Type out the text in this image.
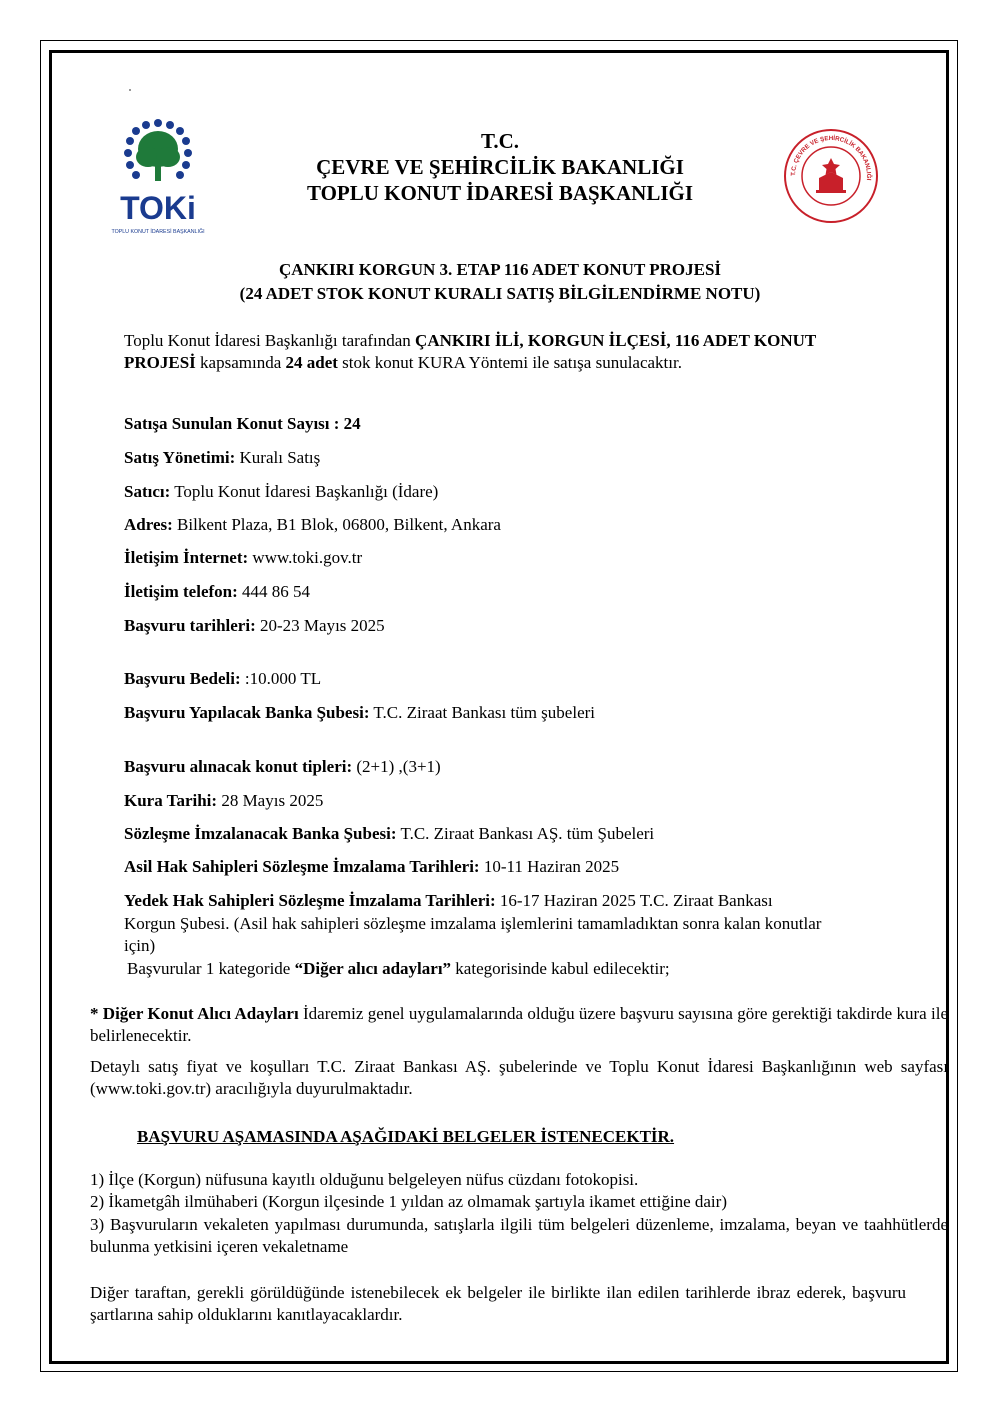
TOKi
TOPLU KONUT İDARESİ BAŞKANLIĞI
T.C. ÇEVRE VE ŞEHİRCİLİK BAKANLIĞI
T.C.
ÇEVRE VE ŞEHİRCİLİK BAKANLIĞI
TOPLU KONUT İDARESİ BAŞKANLIĞI
ÇANKIRI KORGUN 3. ETAP 116 ADET KONUT PROJESİ
(24 ADET STOK KONUT KURALI SATIŞ BİLGİLENDİRME NOTU)
Toplu Konut İdaresi Başkanlığı tarafından ÇANKIRI İLİ, KORGUN İLÇESİ, 116 ADET KONUT
PROJESİ kapsamında 24 adet stok konut KURA Yöntemi ile satışa sunulacaktır.
Satışa Sunulan Konut Sayısı : 24
Satış Yönetimi: Kuralı Satış
Satıcı: Toplu Konut İdaresi Başkanlığı (İdare)
Adres: Bilkent Plaza, B1 Blok, 06800, Bilkent, Ankara
İletişim İnternet: www.toki.gov.tr
İletişim telefon: 444 86 54
Başvuru tarihleri: 20-23 Mayıs 2025
Başvuru Bedeli: :10.000 TL
Başvuru Yapılacak Banka Şubesi: T.C. Ziraat Bankası tüm şubeleri
Başvuru alınacak konut tipleri: (2+1) ,(3+1)
Kura Tarihi: 28 Mayıs 2025
Sözleşme İmzalanacak Banka Şubesi: T.C. Ziraat Bankası AŞ. tüm Şubeleri
Asil Hak Sahipleri Sözleşme İmzalama Tarihleri: 10-11 Haziran 2025
Yedek Hak Sahipleri Sözleşme İmzalama Tarihleri: 16-17 Haziran 2025 T.C. Ziraat Bankası
Korgun Şubesi. (Asil hak sahipleri sözleşme imzalama işlemlerini tamamladıktan sonra kalan konutlar
için)
Başvurular 1 kategoride “Diğer alıcı adayları” kategorisinde kabul edilecektir;
* Diğer Konut Alıcı Adayları İdaremiz genel uygulamalarında olduğu üzere başvuru sayısına göre gerektiği takdirde kura ile belirlenecektir.
Detaylı satış fiyat ve koşulları T.C. Ziraat Bankası AŞ. şubelerinde ve Toplu Konut İdaresi Başkanlığının web sayfası (www.toki.gov.tr) aracılığıyla duyurulmaktadır.
BAŞVURU AŞAMASINDA AŞAĞIDAKİ BELGELER İSTENECEKTİR.
1) İlçe (Korgun) nüfusuna kayıtlı olduğunu belgeleyen nüfus cüzdanı fotokopisi.
2) İkametgâh ilmühaberi (Korgun ilçesinde 1 yıldan az olmamak şartıyla ikamet ettiğine dair)
3) Başvuruların vekaleten yapılması durumunda, satışlarla ilgili tüm belgeleri düzenleme, imzalama, beyan ve taahhütlerde bulunma yetkisini içeren vekaletname
Diğer taraftan, gerekli görüldüğünde istenebilecek ek belgeler ile birlikte ilan edilen tarihlerde ibraz ederek, başvuru şartlarına sahip olduklarını kanıtlayacaklardır.
